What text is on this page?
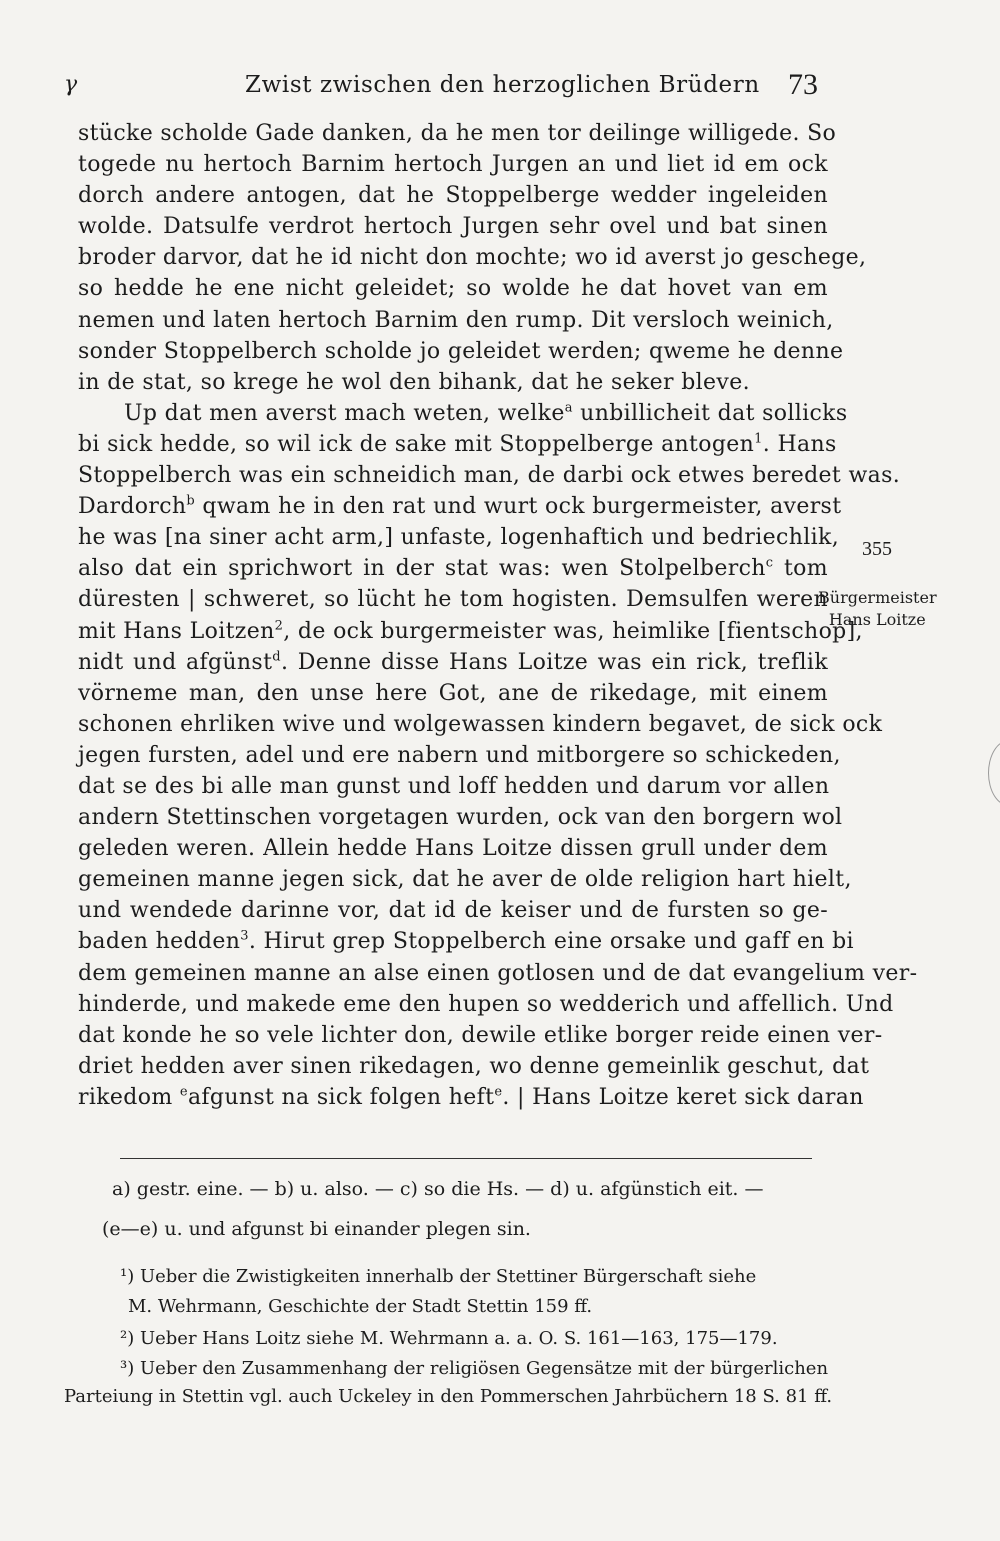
γ	Zwist zwischen den herzoglichen Brüdern 73
stücke scholde Gade danken, da he men tor deilinge willigede. So
togede nu hertoch Barnim hertoch Jurgen an und liet id em ock
dorch andere antogen, dat he Stoppelberge wedder ingeleiden
wolde. Datsulfe verdrot hertoch Jurgen sehr ovel und bat sinen
broder darvor, dat he id nicht don mochte; wo id averst jo geschege,
so hedde he ene nicht geleidet; so wolde he dat hovet van em
nemen und laten hertoch Barnim den rump. Dit versloch weinich,
sonder Stoppelberch scholde jo geleidet werden; qweme he denne
in de stat, so krege he wol den bihank, dat he seker bleve.
Up dat men averst mach weten, welke$^a$ unbillicheit dat sollicks
bi sick hedde, so wil ick de sake mit Stoppelberge antogen$^1$. Hans
Stoppelberch was ein schneidich man, de darbi ock etwes beredet was.
Dardorch$^b$ qwam he in den rat und wurt ock burgermeister, averst
he was [na siner acht arm,] unfaste, logenhaftich und bedriechlik,
also dat ein sprichwort in der stat was: wen Stolpelberch$^c$ tom
düresten | schweret, so lücht he tom hogisten. Demsulfen weren
mit Hans Loitzen$^2$, de ock burgermeister was, heimlike [fientschop],
nidt und afgünst$^d$. Denne disse Hans Loitze was ein rick, treflik
vörneme man, den unse here Got, ane de rikedage, mit einem
schonen ehrliken wive und wolgewassen kindern begavet, de sick ock
jegen fursten, adel und ere nabern und mitborgere so schickeden,
dat se des bi alle man gunst und loff hedden und darum vor allen
andern Stettinschen vorgetagen wurden, ock van den borgern wol
geleden weren. Allein hedde Hans Loitze dissen grull under dem
gemeinen manne jegen sick, dat he aver de olde religion hart hielt,
und wendede darinne vor, dat id de keiser und de fursten so ge-
baden hedden$^3$. Hirut grep Stoppelberch eine orsake und gaff en bi
dem gemeinen manne an alse einen gotlosen und de dat evangelium ver-
hinderde, und makede eme den hupen so wedderich und affellich. Und
dat konde he so vele lichter don, dewile etlike borger reide einen ver-
driet hedden aver sinen rikedagen, wo denne gemeinlik geschut, dat
rikedom $^e$afgunst na sick folgen heft$^e$. | Hans Loitze keret sick daran
355
Bürgermeister
Hans Loitze
a) gestr. eine. — b) u. also. — c) so die Hs. — d) u. afgünstich eit. —
(e—e) u. und afgunst bi einander plegen sin.
¹) Ueber die Zwistigkeiten innerhalb der Stettiner Bürgerschaft siehe
M. Wehrmann, Geschichte der Stadt Stettin 159 ff.
²) Ueber Hans Loitz siehe M. Wehrmann a. a. O. S. 161—163, 175—179.
³) Ueber den Zusammenhang der religiösen Gegensätze mit der bürgerlichen
Parteiung in Stettin vgl. auch Uckeley in den Pommerschen Jahrbüchern 18 S. 81 ff.
